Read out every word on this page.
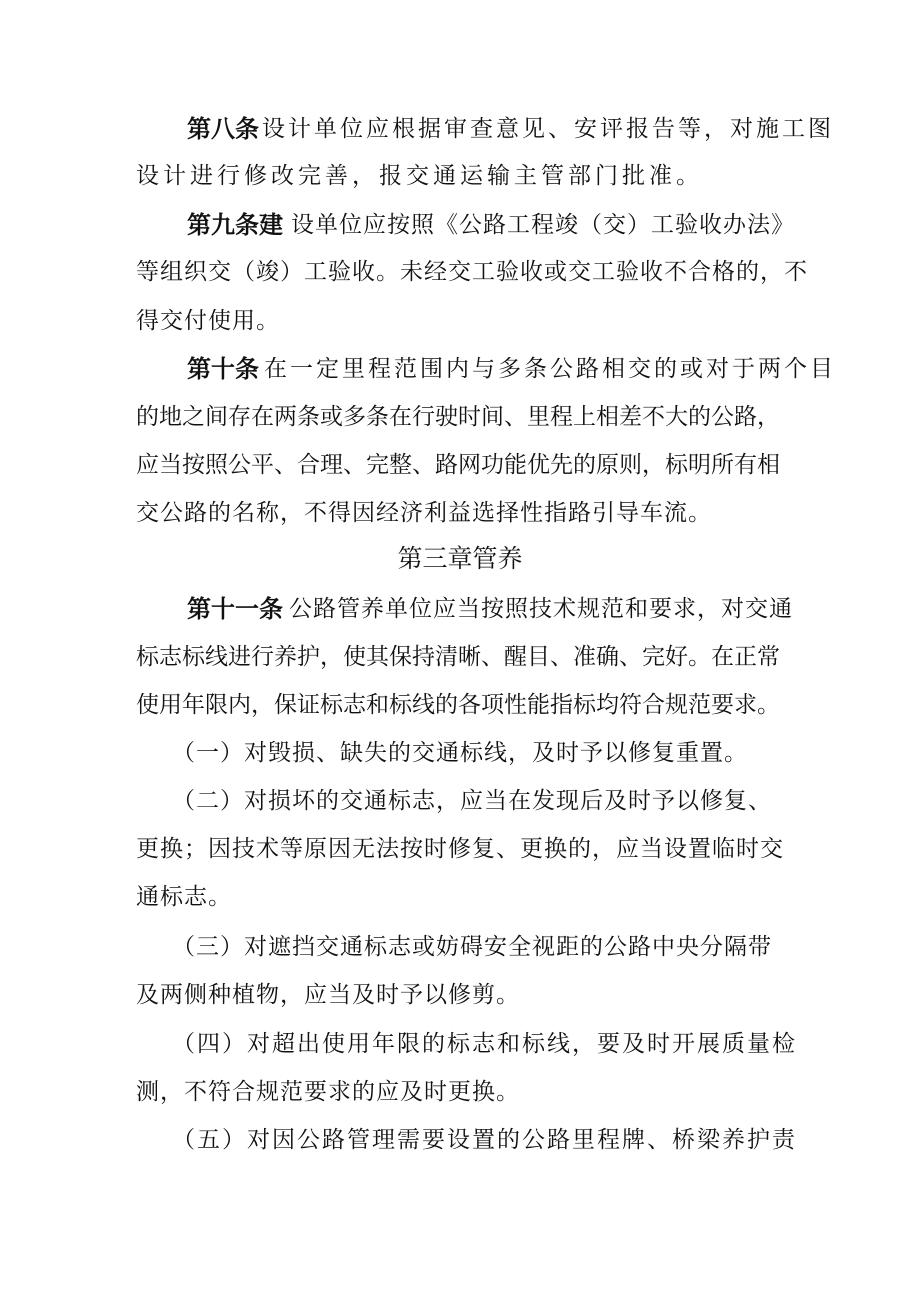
第八条 设计单位应根据审查意见、安评报告等，对施工图
设计进行修改完善，报交通运输主管部门批准。
第九条建 设单位应按照《公路工程竣（交）工验收办法》
等组织交（竣）工验收。未经交工验收或交工验收不合格的，不
得交付使用。
第十条 在一定里程范围内与多条公路相交的或对于两个目
的地之间存在两条或多条在行驶时间、里程上相差不大的公路，
应当按照公平、合理、完整、路网功能优先的原则，标明所有相
交公路的名称，不得因经济利益选择性指路引导车流。
第三章管养
第十一条 公路管养单位应当按照技术规范和要求，对交通
标志标线进行养护，使其保持清晰、醒目、准确、完好。在正常
使用年限内，保证标志和标线的各项性能指标均符合规范要求。
（一）对毁损、缺失的交通标线，及时予以修复重置。
（二）对损坏的交通标志，应当在发现后及时予以修复、
更换；因技术等原因无法按时修复、更换的，应当设置临时交
通标志。
（三）对遮挡交通标志或妨碍安全视距的公路中央分隔带
及两侧种植物，应当及时予以修剪。
（四）对超出使用年限的标志和标线，要及时开展质量检
测，不符合规范要求的应及时更换。
（五）对因公路管理需要设置的公路里程牌、桥梁养护责
